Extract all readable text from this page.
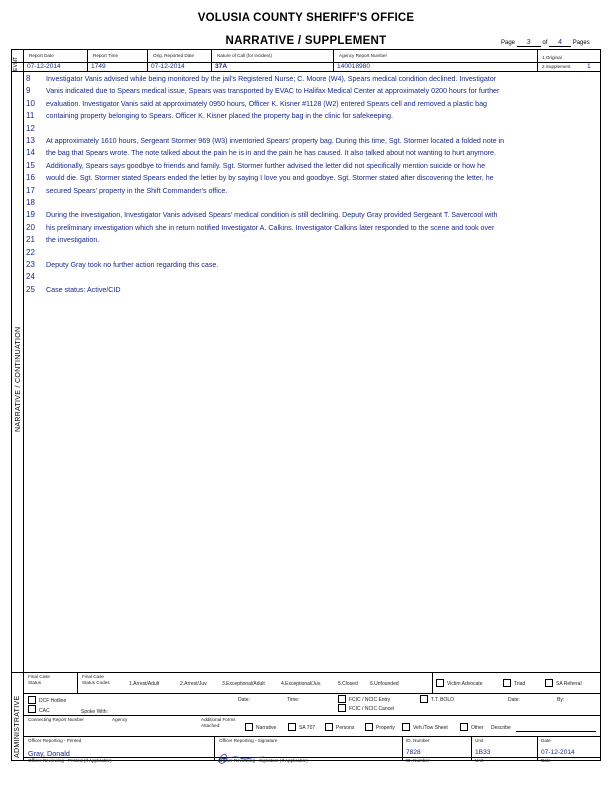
VOLUSIA COUNTY SHERIFF'S OFFICE
NARRATIVE / SUPPLEMENT	Page 3 of 4 Pages
EVNT
Report Date
07-12-2014
Report Time
1749
Orig. Reported Date
07-12-2014
Nature of Call (for incident)
37A
Agency Report Number
140018980
1.Original
2.Supplement	1
NARRATIVE / CONTINUATION
8 Investigator Vanis advised while being monitored by the jail's Registered Nurse; C. Moore (W4), Spears medical condition declined. Investigator
9 Vanis indicated due to Spears medical issue, Spears was transported by EVAC to Halifax Medical Center at approximately 0200 hours for further
10 evaluation. Investigator Vanis said at approximately 0950 hours, Officer K. Kisner #1128 (W2) entered Spears cell and removed a plastic bag
11 containing property belonging to Spears. Officer K. Kisner placed the property bag in the clinic for safekeeping.
12
13 At approximately 1610 hours, Sergeant Stormer 969 (W3) inventoried Spears' property bag. During this time, Sgt. Stormer located a folded note in
14 the bag that Spears wrote. The note talked about the pain he is in and the pain he has caused. It also talked about not wanting to hurt anymore.
15 Additionally, Spears says goodbye to friends and family. Sgt. Stormer further advised the letter did not specifically mention suicide or how he
16 would die. Sgt. Stormer stated Spears ended the letter by by saying I love you and goodbye. Sgt. Stormer stated after discovering the letter, he
17 secured Spears' property in the Shift Commander's office.
18
19 During the investigation, Investigator Vanis advised Spears' medical condition is still declining. Deputy Gray provided Sergeant T. Savercool with
20 his preliminary investigation which she in return notified Investigator A. Calkins. Investigator Calkins later responded to the scene and took over
21 the investigation.
22
23 Deputy Gray took no further action regarding this case.
24
25 Case status: Active/CID
ADMINISTRATIVE
Final Case
Status
Final Case
Status Codes	1.Arrest/Adult	2.Arrest/Juv.	3.Exceptional/Adult	4.Exceptional/Juv.	5.Closed 6.Unfounded	Victim Advocate	Triad	SA Referral
DCF Hotline
CAC	Spoke With:
Date:	Time:	FCIC / NCIC Entry
FCIC / NCIC Cancel
T.T. BOLO	Date:	By:
Connecting Report Number	Agency	Additional Forms
Attached:	Narrative	SA 707	Persons	Property	Veh./Tow Sheet	Other Describe
Officer Reporting - Printed
Gray, Donald
Officer Reporting - Signature	ID. Number
7828
Unit
1B33
Date
07-12-2014
Officer Reviewing - Printed (If Applicable)	Officer Reviewing - Signature (If Applicable)	ID. Number	Unit	Date
